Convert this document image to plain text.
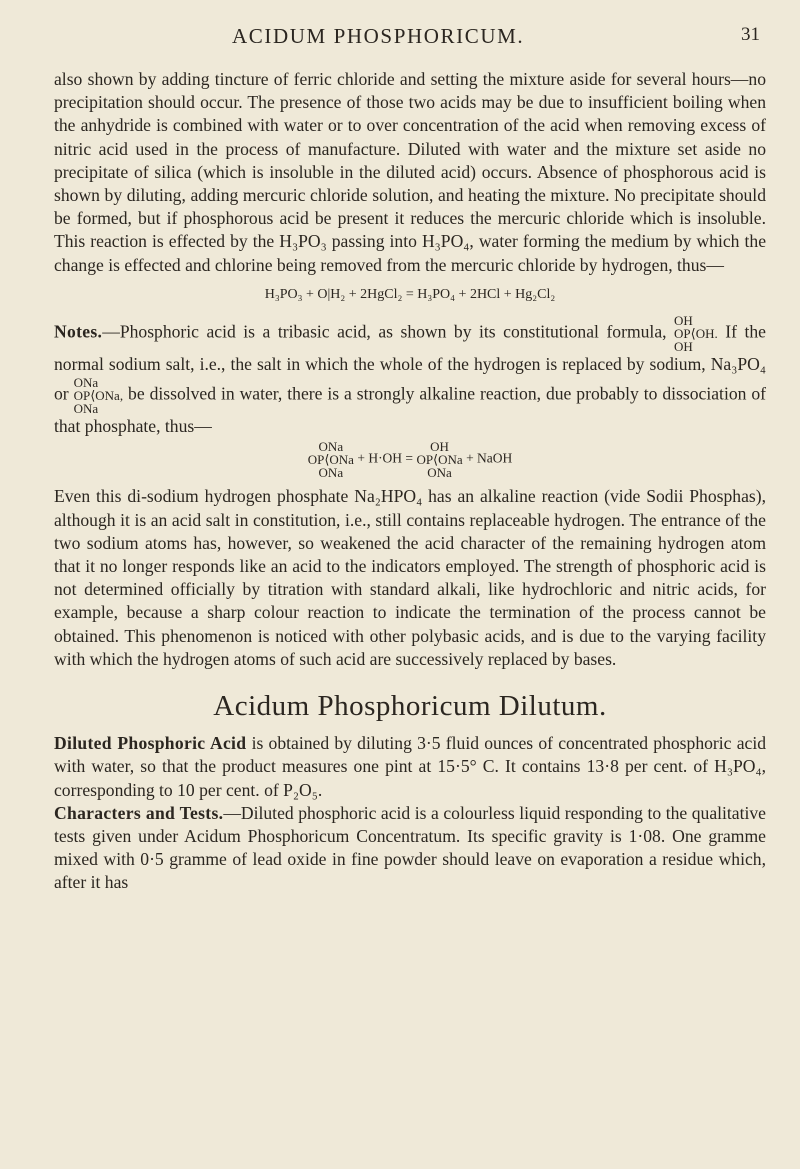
ACIDUM PHOSPHORICUM.	31

also shown by adding tincture of ferric chloride and setting the mixture aside for several hours—no precipitation should occur. The presence of those two acids may be due to insufficient boiling when the anhydride is combined with water or to over concentration of the acid when removing excess of nitric acid used in the process of manufacture. Diluted with water and the mixture set aside no precipitate of silica (which is insoluble in the diluted acid) occurs. Absence of phosphorous acid is shown by diluting, adding mercuric chloride solution, and heating the mixture. No precipitate should be formed, but if phosphorous acid be present it reduces the mercuric chloride which is insoluble. This reaction is effected by the H₃PO₃ passing into H₃PO₄, water forming the medium by which the change is effected and chlorine being removed from the mercuric chloride by hydrogen, thus—

H₃PO₃ + O|H₂ + 2HgCl₂ = H₃PO₄ + 2HCl + Hg₂Cl₂

Notes.—Phosphoric acid is a tribasic acid, as shown by its constitutional formula, OH
OP⟨OH.
OH If the normal sodium salt, i.e., the salt in which the whole of the hydrogen is replaced by sodium, Na₃PO₄ or ONa
OP⟨ONa,
ONa be dissolved in water, there is a strongly alkaline reaction, due probably to dissociation of that phosphate, thus—

ONa
OP⟨ONa
ONa + H·OH = OH
OP⟨ONa
ONa + NaOH

Even this di-sodium hydrogen phosphate Na₂HPO₄ has an alkaline reaction (vide Sodii Phosphas), although it is an acid salt in constitution, i.e., still contains replaceable hydrogen. The entrance of the two sodium atoms has, however, so weakened the acid character of the remaining hydrogen atom that it no longer responds like an acid to the indicators employed. The strength of phosphoric acid is not determined officially by titration with standard alkali, like hydrochloric and nitric acids, for example, because a sharp colour reaction to indicate the termination of the process cannot be obtained. This phenomenon is noticed with other polybasic acids, and is due to the varying facility with which the hydrogen atoms of such acid are successively replaced by bases.

Acidum Phosphoricum Dilutum.

Diluted Phosphoric Acid is obtained by diluting 3·5 fluid ounces of concentrated phosphoric acid with water, so that the product measures one pint at 15·5° C. It contains 13·8 per cent. of H₃PO₄, corresponding to 10 per cent. of P₂O₅.

Characters and Tests.—Diluted phosphoric acid is a colourless liquid responding to the qualitative tests given under Acidum Phosphoricum Concentratum. Its specific gravity is 1·08. One gramme mixed with 0·5 gramme of lead oxide in fine powder should leave on evaporation a residue which, after it has
